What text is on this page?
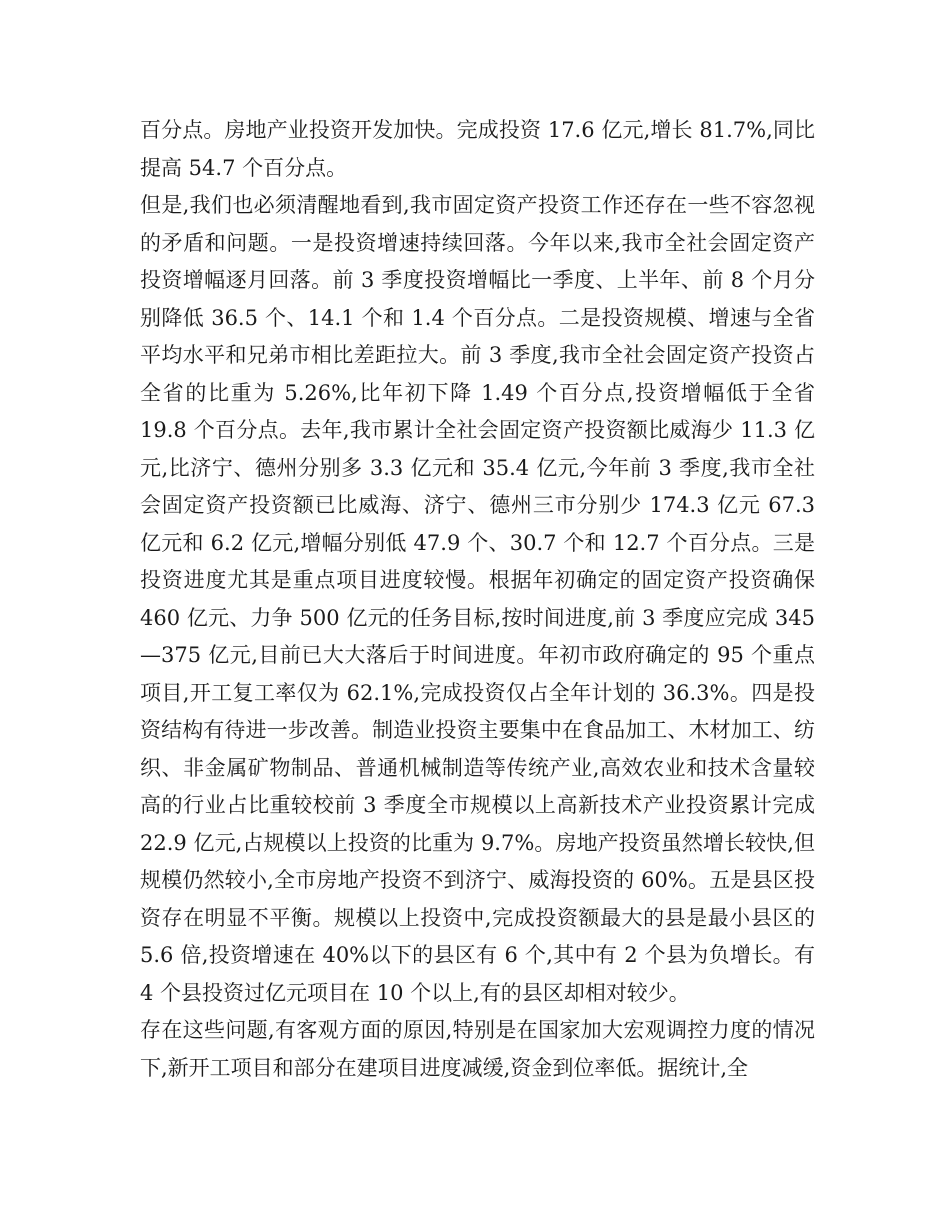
百分点。房地产业投资开发加快。完成投资 17.6 亿元,增长 81.7%,同比提高 54.7 个百分点。

但是,我们也必须清醒地看到,我市固定资产投资工作还存在一些不容忽视的矛盾和问题。一是投资增速持续回落。今年以来,我市全社会固定资产投资增幅逐月回落。前 3 季度投资增幅比一季度、上半年、前 8 个月分别降低 36.5 个、14.1 个和 1.4 个百分点。二是投资规模、增速与全省平均水平和兄弟市相比差距拉大。前 3 季度,我市全社会固定资产投资占全省的比重为 5.26%,比年初下降 1.49 个百分点,投资增幅低于全省 19.8 个百分点。去年,我市累计全社会固定资产投资额比威海少 11.3 亿元,比济宁、德州分别多 3.3 亿元和 35.4 亿元,今年前 3 季度,我市全社会固定资产投资额已比威海、济宁、德州三市分别少 174.3 亿元 67.3 亿元和 6.2 亿元,增幅分别低 47.9 个、30.7 个和 12.7 个百分点。三是投资进度尤其是重点项目进度较慢。根据年初确定的固定资产投资确保 460 亿元、力争 500 亿元的任务目标,按时间进度,前 3 季度应完成 345—375 亿元,目前已大大落后于时间进度。年初市政府确定的 95 个重点项目,开工复工率仅为 62.1%,完成投资仅占全年计划的 36.3%。四是投资结构有待进一步改善。制造业投资主要集中在食品加工、木材加工、纺织、非金属矿物制品、普通机械制造等传统产业,高效农业和技术含量较高的行业占比重较校前 3 季度全市规模以上高新技术产业投资累计完成 22.9 亿元,占规模以上投资的比重为 9.7%。房地产投资虽然增长较快,但规模仍然较小,全市房地产投资不到济宁、威海投资的 60%。五是县区投资存在明显不平衡。规模以上投资中,完成投资额最大的县是最小县区的 5.6 倍,投资增速在 40%以下的县区有 6 个,其中有 2 个县为负增长。有 4 个县投资过亿元项目在 10 个以上,有的县区却相对较少。

存在这些问题,有客观方面的原因,特别是在国家加大宏观调控力度的情况下,新开工项目和部分在建项目进度减缓,资金到位率低。据统计,全
